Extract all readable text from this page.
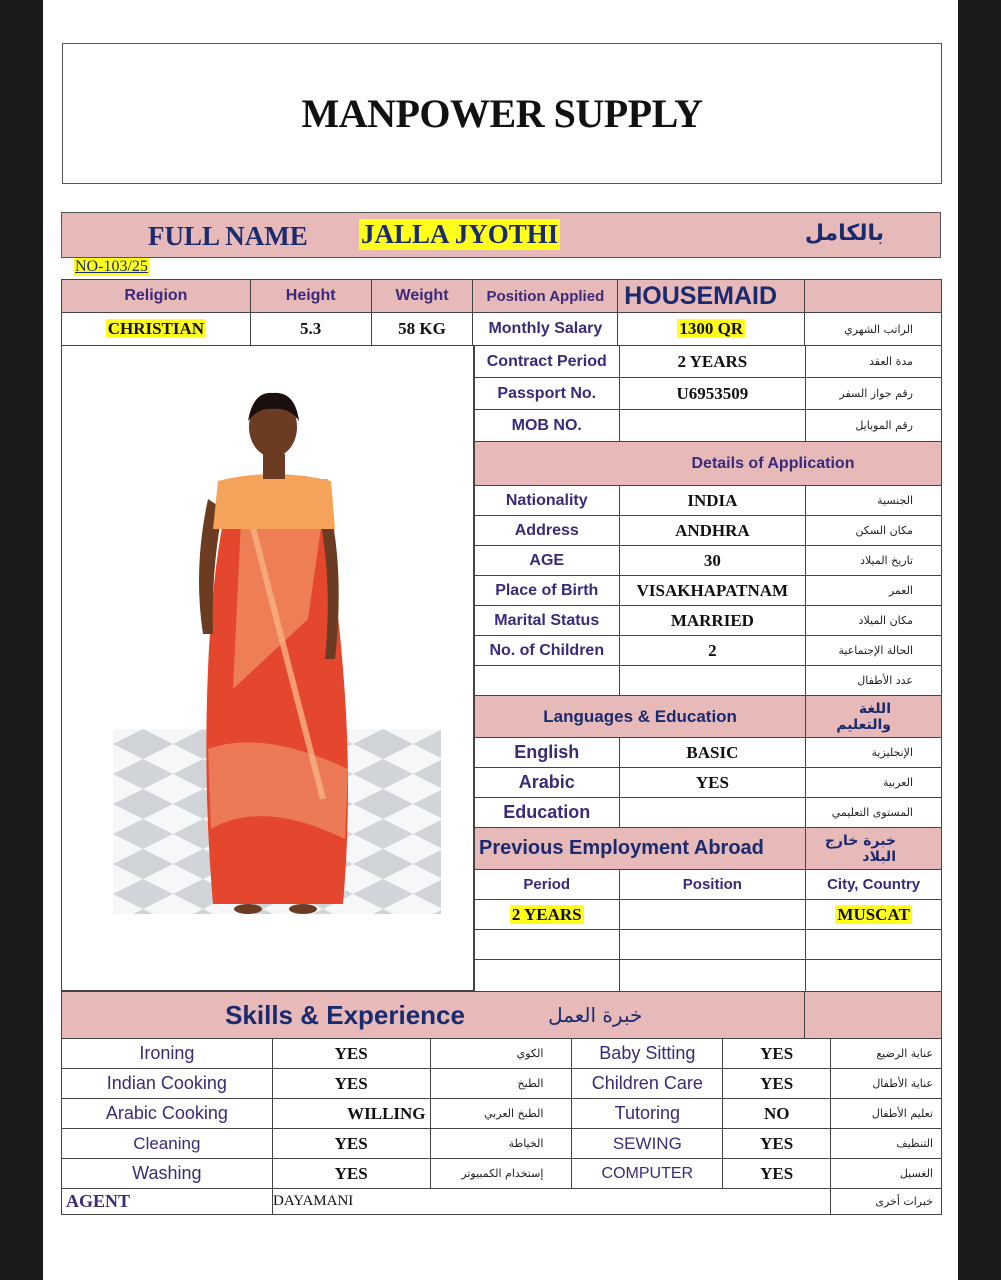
MANPOWER SUPPLY
FULL NAME JALLA JYOTHI	بالكامل
NO-103/25
Religion	Height	Weight	Position Applied	HOUSEMAID	
CHRISTIAN	5.3	58 KG	Monthly Salary	1300 QR	الراتب الشهري
Contract Period	2 YEARS	مدة العقد
Passport No.	U6953509	رقم جواز السفر
MOB NO.		رقم الموبايل
Details of Application		
Nationality	INDIA	الجنسية
Address	ANDHRA	مكان السكن
AGE	30	تاريخ الميلاد
Place of Birth	VISAKHAPATNAM	العمر
Marital Status	MARRIED	مكان الميلاد
No. of Children	2	الحالة الإجتماعية
		عدد الأطفال
Languages & Education		اللغة والتعليم
English	BASIC	الإنجليزية
Arabic	YES	العربية
Education		المستوى التعليمي
Previous Employment Abroad		خبرة خارج البلاد
Period	Position	City, Country
2 YEARS		MUSCAT

Skills & Experience	خبرة العمل	
Ironing	YES	الكوي	Baby Sitting	YES	عناية الرضيع
Indian Cooking	YES	الطبخ	Children Care	YES	عناية الأطفال
Arabic Cooking	WILLING	الطبخ العربي	Tutoring	NO	تعليم الأطفال
Cleaning	YES	الخياطة	SEWING	YES	التنظيف
Washing	YES	إستخدام الكمبيوتر	COMPUTER	YES	الغسيل
AGENT	DAYAMANI	خبرات أخرى
